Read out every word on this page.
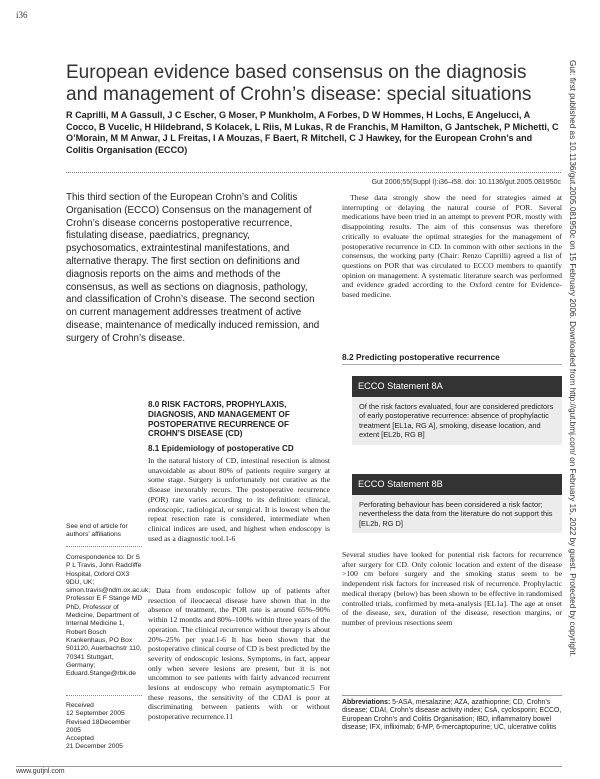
i36
Gut: first published as 10.1136/gut.2005.081950c on 15 February 2006. Downloaded from http://gut.bmj.com/ on February 15, 2022 by guest. Protected by copyright.
European evidence based consensus on the diagnosis and management of Crohn’s disease: special situations

R Caprilli, M A Gassull, J C Escher, G Moser, P Munkholm, A Forbes, D W Hommes, H Lochs, E Angelucci, A Cocco, B Vucelic, H Hildebrand, S Kolacek, L Riis, M Lukas, R de Franchis, M Hamilton, G Jantschek, P Michetti, C O’Morain, M M Anwar, J L Freitas, I A Mouzas, F Baert, R Mitchell, C J Hawkey, for the European Crohn’s and Colitis Organisation (ECCO)

Gut 2006;55(Suppl I):i36–i58. doi: 10.1136/gut.2005.081950c

This third section of the European Crohn’s and Colitis Organisation (ECCO) Consensus on the management of Crohn’s disease concerns postoperative recurrence, fistulating disease, paediatrics, pregnancy, psychosomatics, extraintestinal manifestations, and alternative therapy. The first section on definitions and diagnosis reports on the aims and methods of the consensus, as well as sections on diagnosis, pathology, and classification of Crohn’s disease. The second section on current management addresses treatment of active disease, maintenance of medically induced remission, and surgery of Crohn’s disease.

These data strongly show the need for strategies aimed at interrupting or delaying the natural course of POR. Several medications have been tried in an attempt to prevent POR, mostly with disappointing results. The aim of this consensus was therefore critically to evaluate the optimal strategies for the management of postoperative recurrence in CD. In common with other sections in the consensus, the working party (Chair: Renzo Caprilli) agreed a list of questions on POR that was circulated to ECCO members to quantify opinion on management. A systematic literature search was performed and evidence graded according to the Oxford centre for Evidence-based medicine.

8.2 Predicting postoperative recurrence
ECCO Statement 8A
Of the risk factors evaluated, four are considered predictors of early postoperative recurrence: absence of prophylactic treatment [EL1a, RG A], smoking, disease location, and extent [EL2b, RG B]
ECCO Statement 8B
Perforating behaviour has been considered a risk factor; nevertheless the data from the literature do not support this [EL2b, RG D]

Several studies have looked for potential risk factors for recurrence after surgery for CD. Only colonic location and extent of the disease >100 cm before surgery and the smoking status seem to be independent risk factors for increased risk of recurrence. Prophylactic medical therapy (below) has been shown to be effective in randomised controlled trials, confirmed by meta-analysis [EL1a]. The age at onset of the disease, sex, duration of the disease, resection margins, or number of previous resections seem

Abbreviations: 5-ASA, mesalazine; AZA, azathioprine; CD, Crohn’s disease; CDAI, Crohn’s disease activity index; CsA, cyclosporin; ECCO, European Crohn’s and Colitis Organisation; IBD, inflammatory bowel disease; IFX, infliximab; 6-MP, 6-mercaptopurine; UC, ulcerative colitis

8.0 RISK FACTORS, PROPHYLAXIS, DIAGNOSIS, AND MANAGEMENT OF POSTOPERATIVE RECURRENCE OF CROHN’S DISEASE (CD)
8.1 Epidemiology of postoperative CD

In the natural history of CD, intestinal resection is almost unavoidable as about 80% of patients require surgery at some stage. Surgery is unfortunately not curative as the disease inexorably recurs. The postoperative recurrence (POR) rate varies according to its definition: clinical, endoscopic, radiological, or surgical. It is lowest when the repeat resection rate is considered, intermediate when clinical indices are used, and highest when endoscopy is used as a diagnostic tool.1-6

Data from endoscopic follow up of patients after resection of ileocaecal disease have shown that in the absence of treatment, the POR rate is around 65%–90% within 12 months and 80%–100% within three years of the operation. The clinical recurrence without therapy is about 20%–25% per year.1-6 It has been shown that the postoperative clinical course of CD is best predicted by the severity of endoscopic lesions. Symptoms, in fact, appear only when severe lesions are present, but it is not uncommon to see patients with fairly advanced recurrent lesions at endoscopy who remain asymptomatic.5 For these reasons, the sensitivity of the CDAI is poor at discriminating between patients with or without postoperative recurrence.11

See end of article for authors’ affiliations
Correspondence to: Dr S P L Travis, John Radcliffe Hospital, Oxford OX3 9DU, UK; simon.travis@ndm.ox.ac.uk; Professor E F Stange MD PhD, Professor of Medicine, Department of Internal Medicine 1, Robert Bosch Krankenhaus, PO Box 501120, Auerbachstr 110, 70341 Stuttgart, Germany; Eduard.Stange@rbk.de
Received
12 September 2005
Revised 18December 2005
Accepted
21 December 2005
www.gutjnl.com
